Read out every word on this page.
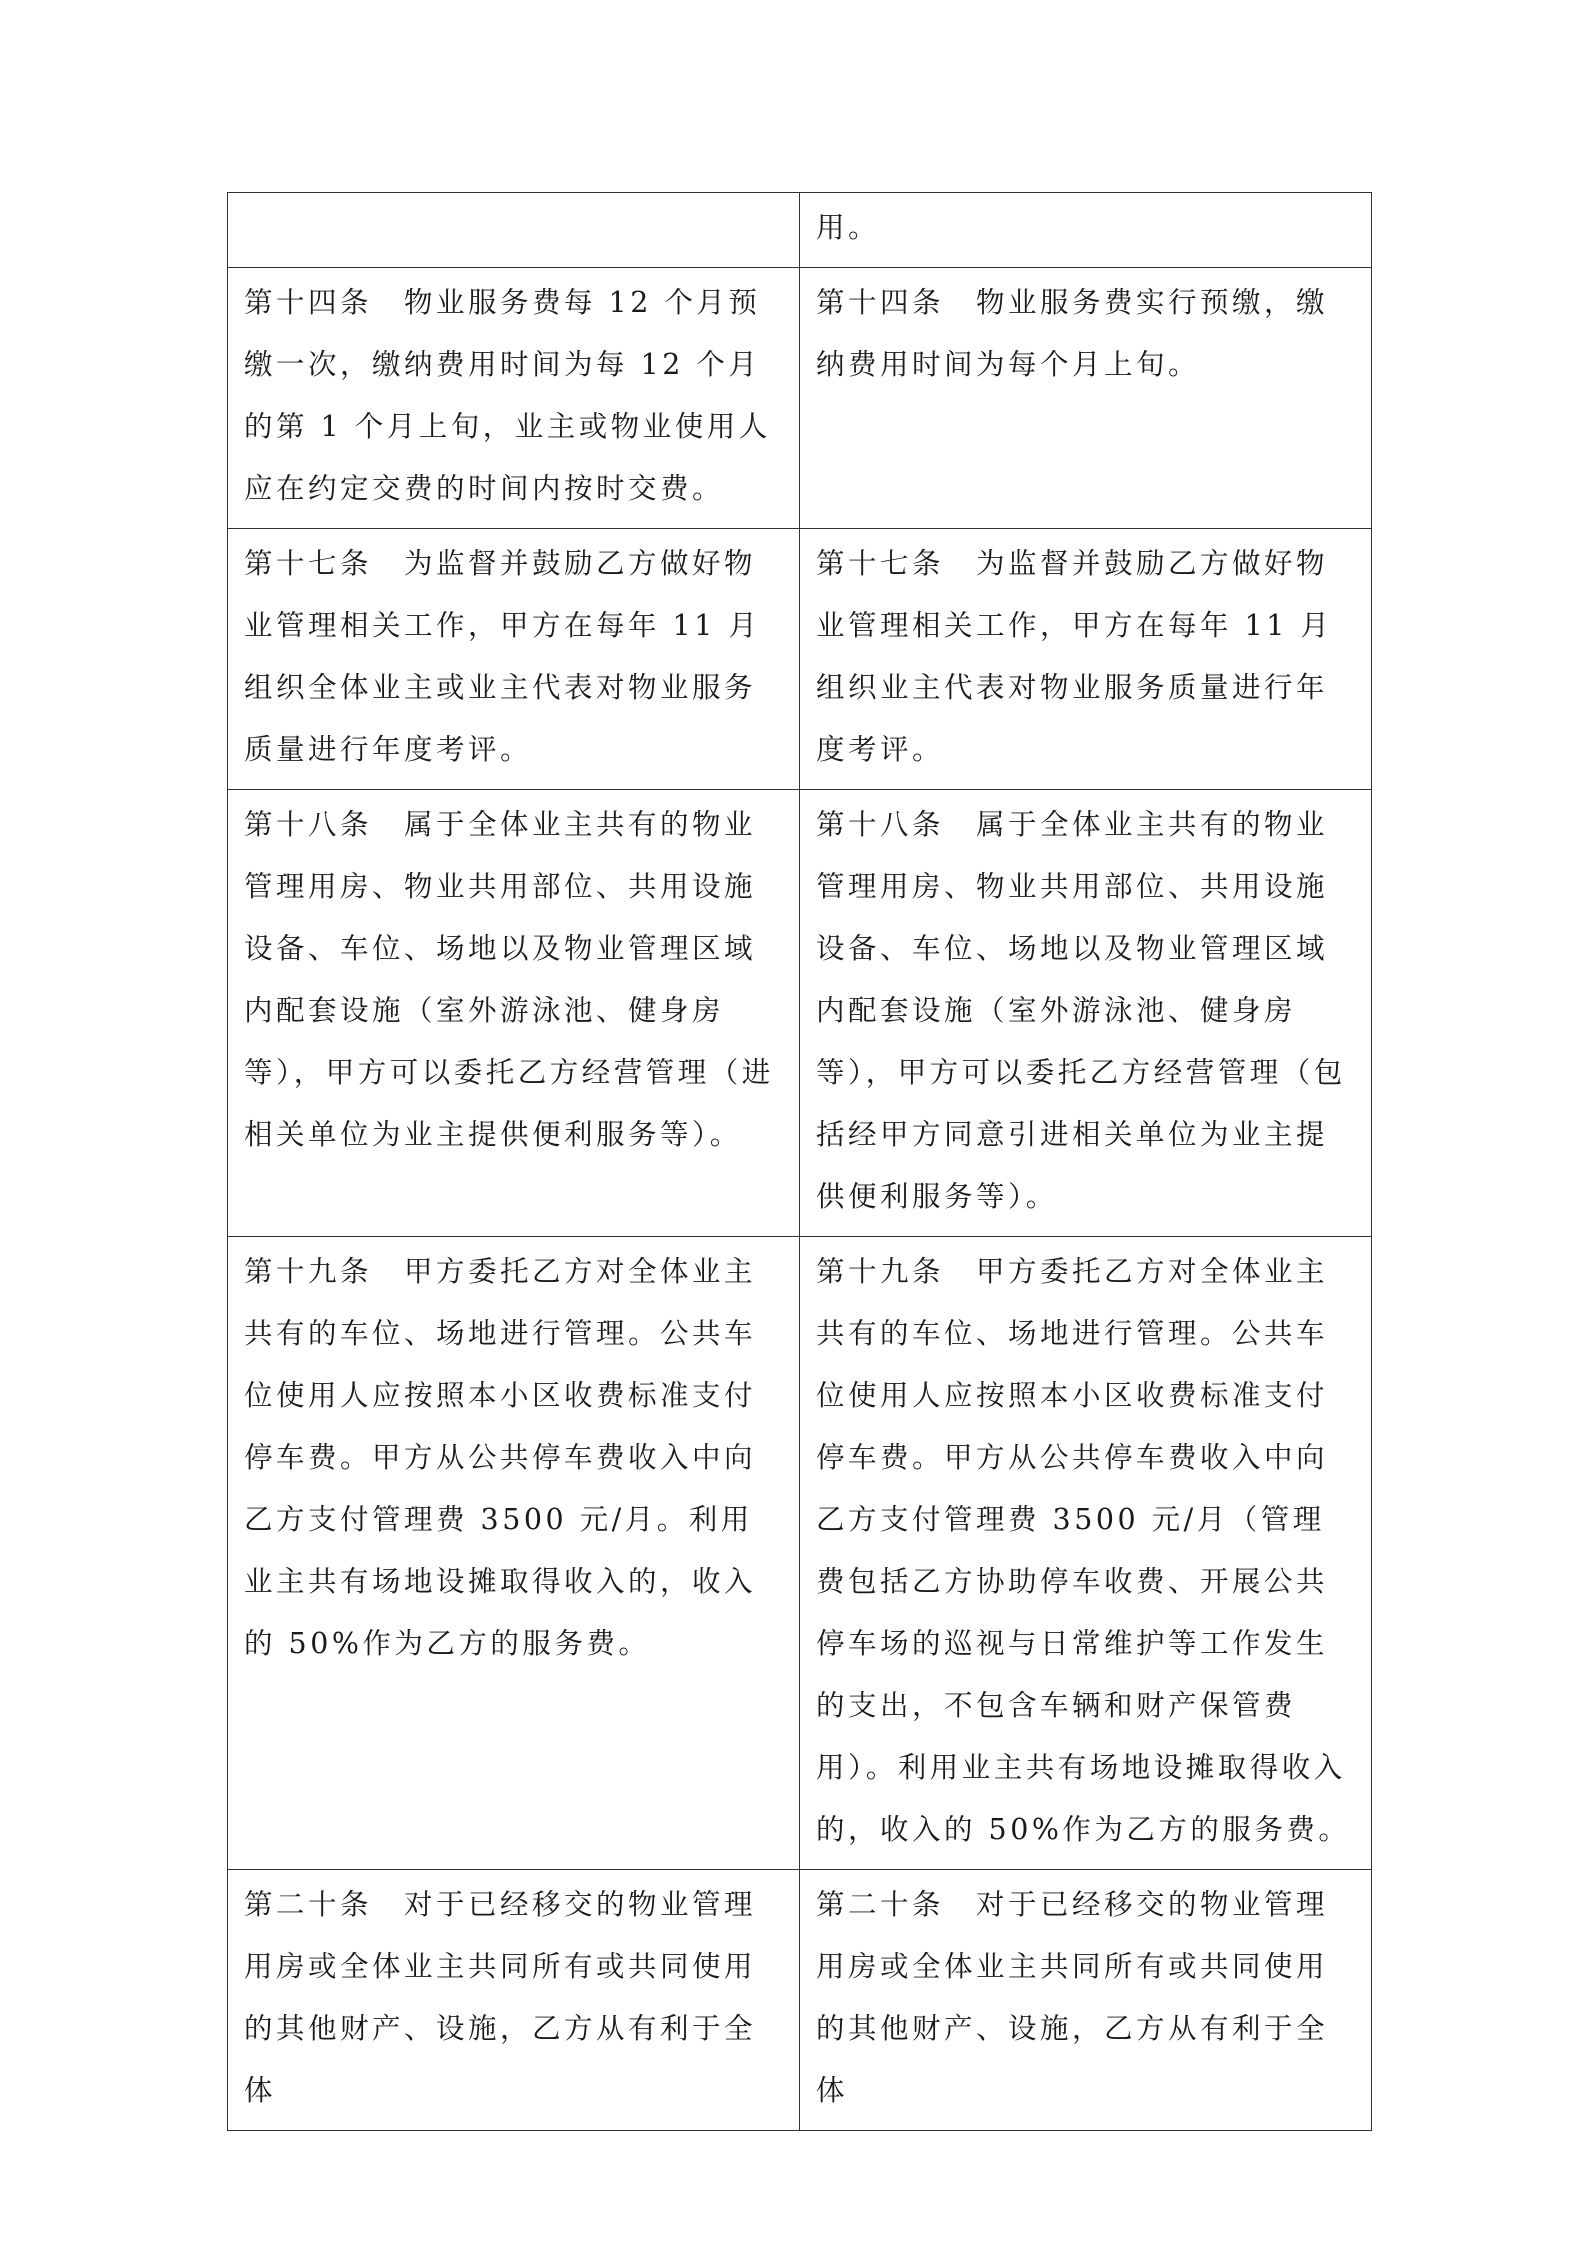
	用。
第十四条　物业服务费每 12 个月预缴一次，缴纳费用时间为每 12 个月的第 1 个月上旬，业主或物业使用人应在约定交费的时间内按时交费。	第十四条　物业服务费实行预缴，缴纳费用时间为每个月上旬。
第十七条　为监督并鼓励乙方做好物业管理相关工作，甲方在每年 11 月组织全体业主或业主代表对物业服务质量进行年度考评。	第十七条　为监督并鼓励乙方做好物业管理相关工作，甲方在每年 11 月组织业主代表对物业服务质量进行年度考评。
第十八条　属于全体业主共有的物业管理用房、物业共用部位、共用设施设备、车位、场地以及物业管理区域内配套设施（室外游泳池、健身房等），甲方可以委托乙方经营管理（进相关单位为业主提供便利服务等）。	第十八条　属于全体业主共有的物业管理用房、物业共用部位、共用设施设备、车位、场地以及物业管理区域内配套设施（室外游泳池、健身房等），甲方可以委托乙方经营管理（包括经甲方同意引进相关单位为业主提供便利服务等）。
第十九条　甲方委托乙方对全体业主共有的车位、场地进行管理。公共车位使用人应按照本小区收费标准支付停车费。甲方从公共停车费收入中向乙方支付管理费 3500 元/月。利用业主共有场地设摊取得收入的，收入的 50%作为乙方的服务费。	第十九条　甲方委托乙方对全体业主共有的车位、场地进行管理。公共车位使用人应按照本小区收费标准支付停车费。甲方从公共停车费收入中向乙方支付管理费 3500 元/月（管理费包括乙方协助停车收费、开展公共停车场的巡视与日常维护等工作发生的支出，不包含车辆和财产保管费用）。利用业主共有场地设摊取得收入的，收入的 50%作为乙方的服务费。
第二十条　对于已经移交的物业管理用房或全体业主共同所有或共同使用的其他财产、设施，乙方从有利于全体	第二十条　对于已经移交的物业管理用房或全体业主共同所有或共同使用的其他财产、设施，乙方从有利于全体
